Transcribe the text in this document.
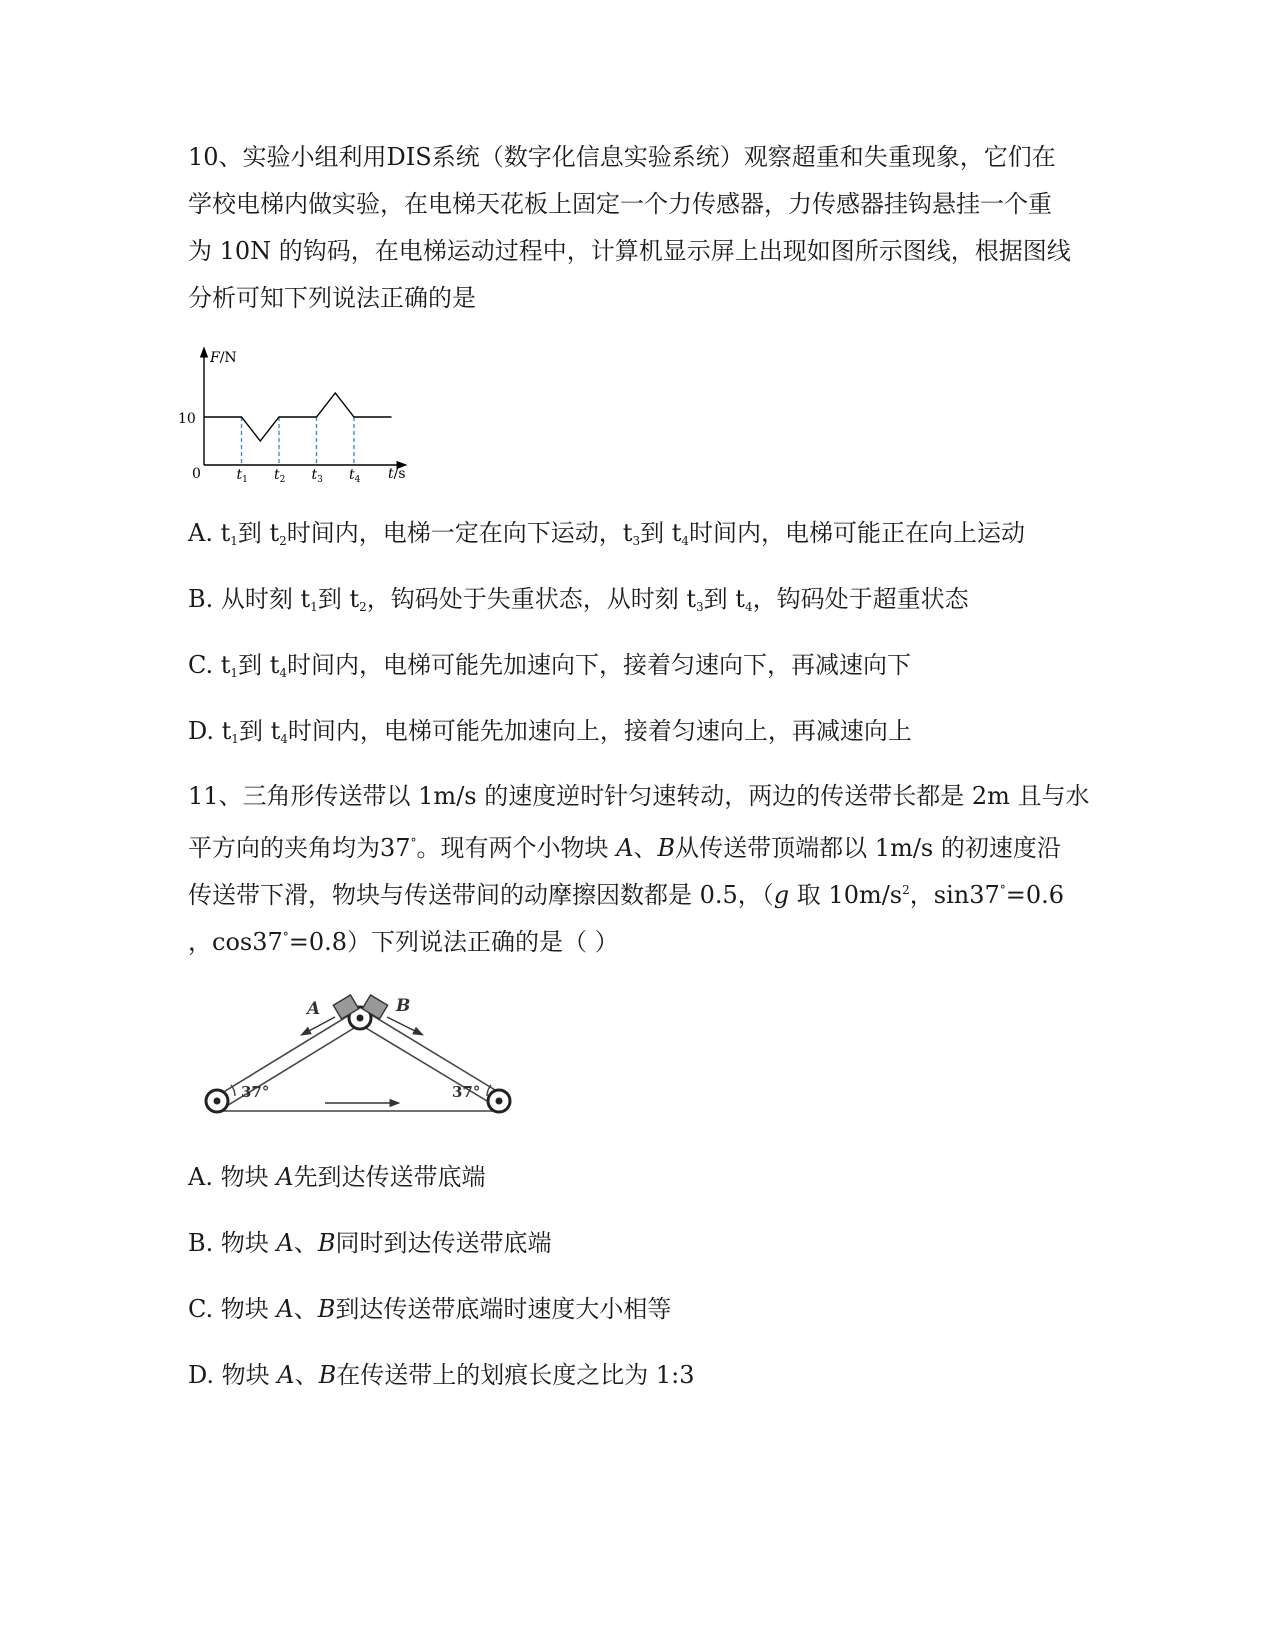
10、实验小组利用DIS系统（数字化信息实验系统）观察超重和失重现象，它们在
学校电梯内做实验，在电梯天花板上固定一个力传感器，力传感器挂钩悬挂一个重
为 10N 的钩码，在电梯运动过程中，计算机显示屏上出现如图所示图线，根据图线
分析可知下列说法正确的是
F/N
10
0	$t_1$ $t_2$ $t_3$ $t_4$ t/s
A. $t_1$到 $t_2$时间内，电梯一定在向下运动，$t_3$到 $t_4$时间内，电梯可能正在向上运动
B. 从时刻 $t_1$到 $t_2$，钩码处于失重状态，从时刻 $t_3$到 $t_4$，钩码处于超重状态
C. $t_1$到 $t_4$时间内，电梯可能先加速向下，接着匀速向下，再减速向下
D. $t_1$到 $t_4$时间内，电梯可能先加速向上，接着匀速向上，再减速向上
11、三角形传送带以 1m/s 的速度逆时针匀速转动，两边的传送带长都是 2m 且与水
平方向的夹角均为37°。现有两个小物块 A、B从传送带顶端都以 1m/s 的初速度沿
传送带下滑，物块与传送带间的动摩擦因数都是 0.5，（g 取 $10m/s^2$，sin37°=0.6
，cos37°=0.8）下列说法正确的是（ ）
37°	37°
A	B
A. 物块 A先到达传送带底端
B. 物块 A、B同时到达传送带底端
C. 物块 A、B到达传送带底端时速度大小相等
D. 物块 A、B在传送带上的划痕长度之比为 1:3
